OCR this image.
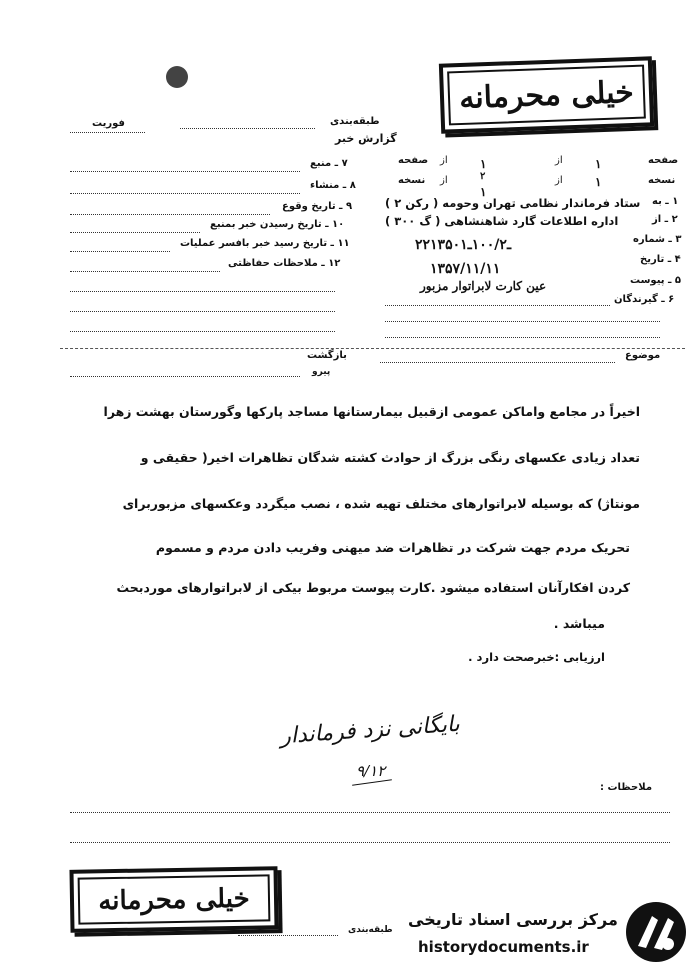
خیلی محرمانه
طبقه‌بندی
گزارش خبر
فوریت
۷ ـ منبع
۸ ـ منشاء
۹ ـ تاریخ وقوع
۱۰ ـ تاریخ رسیدن خبر بمنبع
۱۱ ـ تاریخ رسید خبر بافسر عملیات
۱۲ ـ ملاحظات حفاظتی
صفحه
از
صفحه از	۱
۱
نسخه
از
نسخه از	۱
۱
۲
۱ ـ به
ستاد فرماندار نظامی تهران وحومه ( رکن ۲ )
۲ ـ از
اداره اطلاعات گارد شاهنشاهی ( گ ۳۰۰ )
۳ ـ شماره
۲۲۱۳ـ۱۰۰/۲ـ۵۰۱
۴ ـ تاریخ
۱۳۵۷/۱۱/۱۱
۵ ـ پیوست
عین کارت لابراتوار مزبور
۶ ـ گیرندگان
موضوع
بازگشت
پیرو
اخیراً در مجامع واماکن عمومی ازقبیل بیمارستانها مساجد پارکها وگورستان بهشت زهرا
تعداد زیادی عکسهای رنگی بزرگ از حوادث کشته شدگان تظاهرات اخیر( حقیقی و
مونتاژ) که بوسیله لابراتوارهای مختلف تهیه شده ، نصب میگردد وعکسهای مزبوربرای
تحریک مردم جهت شرکت در تظاهرات ضد میهنی وفریب دادن مردم و مسموم
کردن افکارآنان استفاده میشود .کارت پیوست مربوط بیکی از لابراتوارهای موردبحث
میباشد .
ارزیابی :خبرصحت دارد .
بایگانی نزد فرماندار
۹/۱۲
ملاحظات :
خیلی محرمانه
طبقه‌بندی
مرکز بررسی اسناد تاریخی
historydocuments.ir
